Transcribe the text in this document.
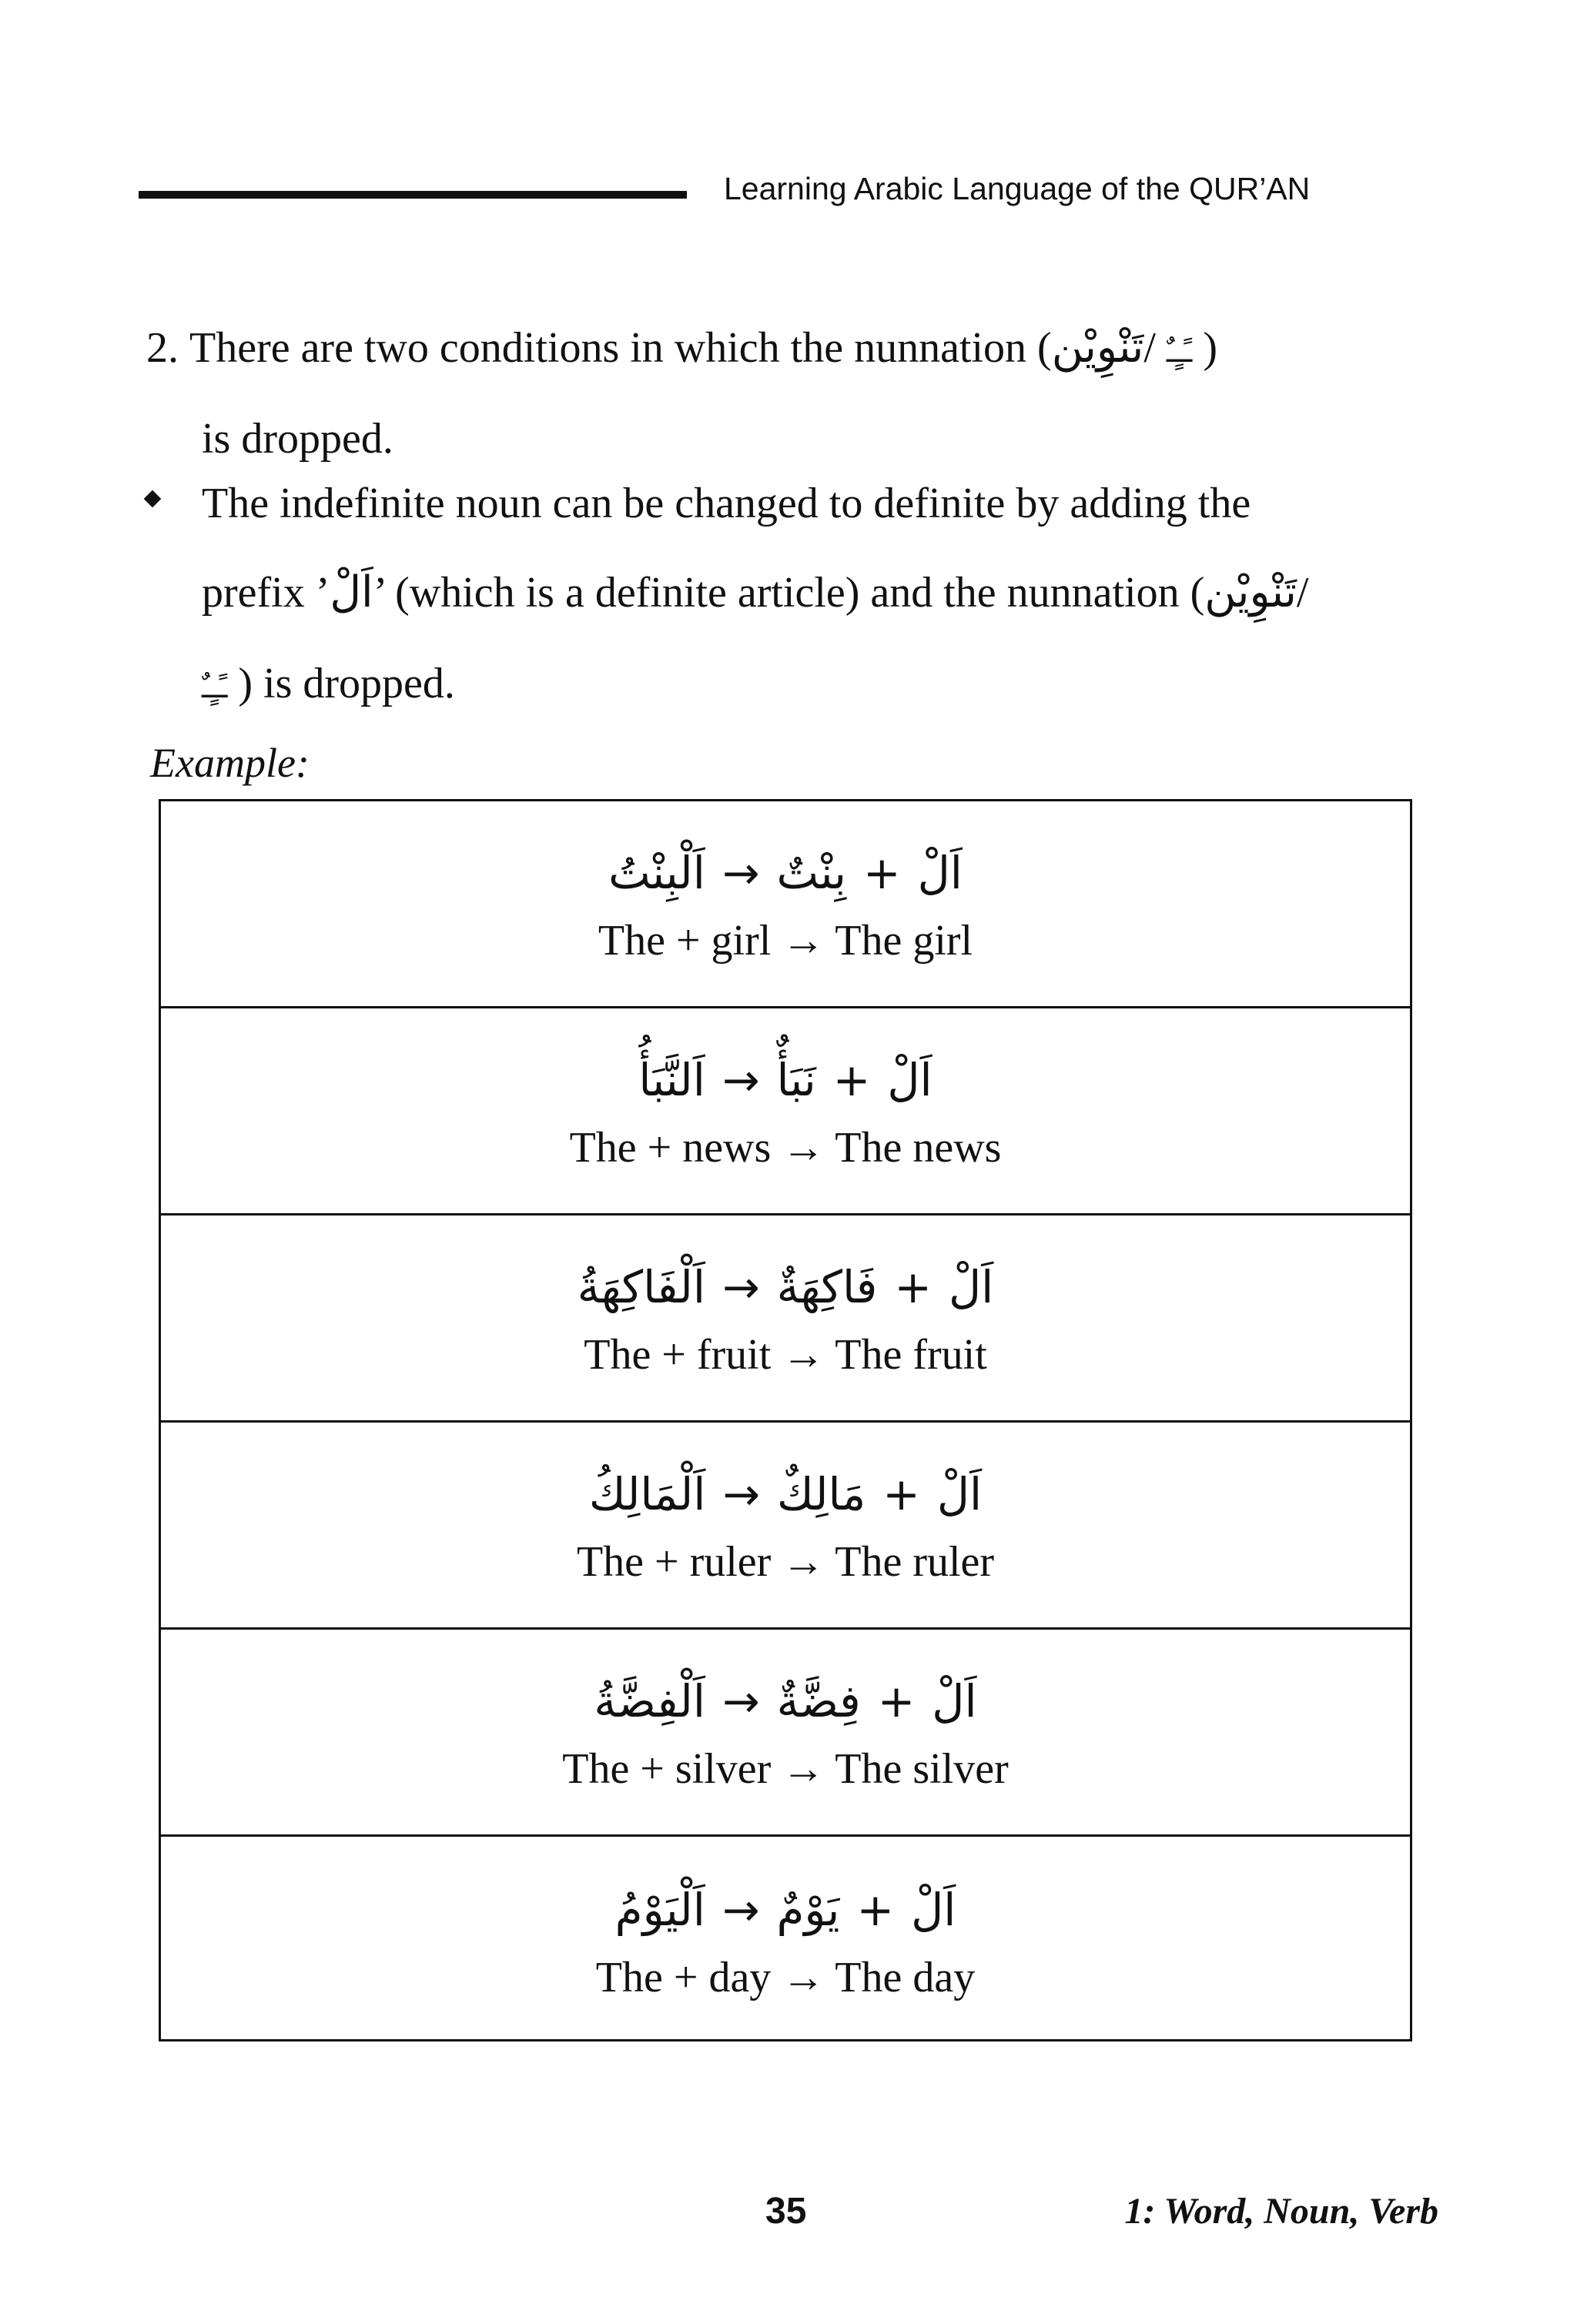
Learning Arabic Language of the QUR’AN
2. There are two conditions in which the nunnation (تَنْوِيْن/ ـًـٍـٌ )
is dropped.
The indefinite noun can be changed to definite by adding the
prefix ’اَلْ’ (which is a definite article) and the nunnation (تَنْوِيْن/
ـًـٍـٌ ) is dropped.
Example:
اَلْ+بِنْتٌ→اَلْبِنْتُ
The + girl → The girl
اَلْ+نَبَأٌ→اَلنَّبَأُ
The + news → The news
اَلْ+فَاكِهَةٌ→اَلْفَاكِهَةُ
The + fruit → The fruit
اَلْ+مَالِكٌ→اَلْمَالِكُ
The + ruler → The ruler
اَلْ+فِضَّةٌ→اَلْفِضَّةُ
The + silver → The silver
اَلْ+يَوْمٌ→اَلْيَوْمُ
The + day → The day
35	1: Word, Noun, Verb
